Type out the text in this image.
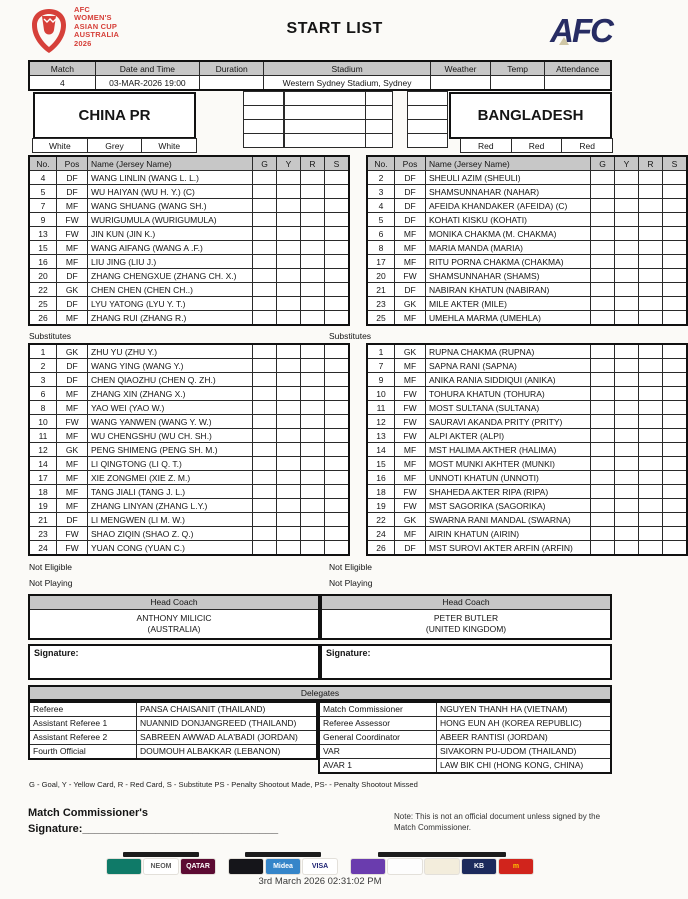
AFC
WOMEN'S
ASIAN CUP
AUSTRALIA
2026
START LIST	AFC
Match	Date and Time	Duration	Stadium	Weather	Temp	Attendance
4	03-MAR-2026 19:00		Western Sydney Stadium, Sydney			
CHINA PR
White	Grey	White
BANGLADESH
Red	Red	Red
No.	Pos	Name (Jersey Name)	G	Y	R	S
4	DF	WANG LINLIN (WANG L. L.)				
5	DF	WU HAIYAN (WU H. Y.) (C)				
7	MF	WANG SHUANG (WANG SH.)				
9	FW	WURIGUMULA (WURIGUMULA)				
13	FW	JIN KUN (JIN K.)				
15	MF	WANG AIFANG (WANG A .F.)				
16	MF	LIU JING (LIU J.)				
20	DF	ZHANG CHENGXUE (ZHANG CH. X.)				
22	GK	CHEN CHEN (CHEN CH..)				
25	DF	LYU YATONG (LYU Y. T.)				
26	MF	ZHANG RUI (ZHANG R.)				
No.	Pos	Name (Jersey Name)	G	Y	R	S
2	DF	SHEULI AZIM (SHEULI)				
3	DF	SHAMSUNNAHAR (NAHAR)				
4	DF	AFEIDA KHANDAKER (AFEIDA) (C)				
5	DF	KOHATI KISKU (KOHATI)				
6	MF	MONIKA CHAKMA (M. CHAKMA)				
8	MF	MARIA MANDA (MARIA)				
17	MF	RITU PORNA CHAKMA (CHAKMA)				
20	FW	SHAMSUNNAHAR (SHAMS)				
21	DF	NABIRAN KHATUN (NABIRAN)				
23	GK	MILE AKTER (MILE)				
25	MF	UMEHLA MARMA (UMEHLA)				
Substitutes	Substitutes
1	GK	ZHU YU (ZHU Y.)				
2	DF	WANG YING (WANG Y.)				
3	DF	CHEN QIAOZHU (CHEN Q. ZH.)				
6	MF	ZHANG XIN (ZHANG X.)				
8	MF	YAO WEI (YAO W.)				
10	FW	WANG YANWEN (WANG Y. W.)				
11	MF	WU CHENGSHU (WU CH. SH.)				
12	GK	PENG SHIMENG (PENG SH. M.)				
14	MF	LI QINGTONG (LI Q. T.)				
17	MF	XIE ZONGMEI (XIE Z. M.)				
18	MF	TANG JIALI (TANG J. L.)				
19	MF	ZHANG LINYAN (ZHANG L.Y.)				
21	DF	LI MENGWEN (LI M. W.)				
23	FW	SHAO ZIQIN (SHAO Z. Q.)				
24	FW	YUAN CONG (YUAN C.)				
1	GK	RUPNA CHAKMA (RUPNA)				
7	MF	SAPNA RANI (SAPNA)				
9	MF	ANIKA RANIA SIDDIQUI (ANIKA)				
10	FW	TOHURA KHATUN (TOHURA)				
11	FW	MOST SULTANA (SULTANA)				
12	FW	SAURAVI AKANDA PRITY (PRITY)				
13	FW	ALPI AKTER (ALPI)				
14	MF	MST HALIMA AKTHER (HALIMA)				
15	MF	MOST MUNKI AKHTER (MUNKI)				
16	MF	UNNOTI KHATUN (UNNOTI)				
18	FW	SHAHEDA AKTER RIPA (RIPA)				
19	FW	MST SAGORIKA (SAGORIKA)				
22	GK	SWARNA RANI MANDAL (SWARNA)				
24	MF	AIRIN KHATUN (AIRIN)				
26	DF	MST SUROVI AKTER ARFIN (ARFIN)				
Not Eligible	Not Eligible
Not Playing	Not Playing
Head Coach
ANTHONY MILICIC
(AUSTRALIA)
Head Coach
PETER BUTLER
(UNITED KINGDOM)
Signature:	Signature:
Delegates
Referee	PANSA CHAISANIT (THAILAND)
Assistant Referee 1	NUANNID DONJANGREED (THAILAND)
Assistant Referee 2	SABREEN AWWAD ALA'BADI (JORDAN)
Fourth Official	DOUMOUH ALBAKKAR (LEBANON)
Match Commissioner	NGUYEN THANH HA (VIETNAM)
Referee Assessor	HONG EUN AH (KOREA REPUBLIC)
General Coordinator	ABEER RANTISI (JORDAN)
VAR	SIVAKORN PU-UDOM (THAILAND)
AVAR 1	LAW BIK CHI (HONG KONG, CHINA)
G - Goal, Y - Yellow Card, R - Red Card, S - Substitute PS - Penalty Shootout Made, PS- - Penalty Shootout Missed
Match Commissioner's
Signature:________________________________
Note: This is not an official document unless signed by the Match Commissioner.
NEOM	QATAR	Midea	VISA	KB	m
3rd March 2026 02:31:02 PM
